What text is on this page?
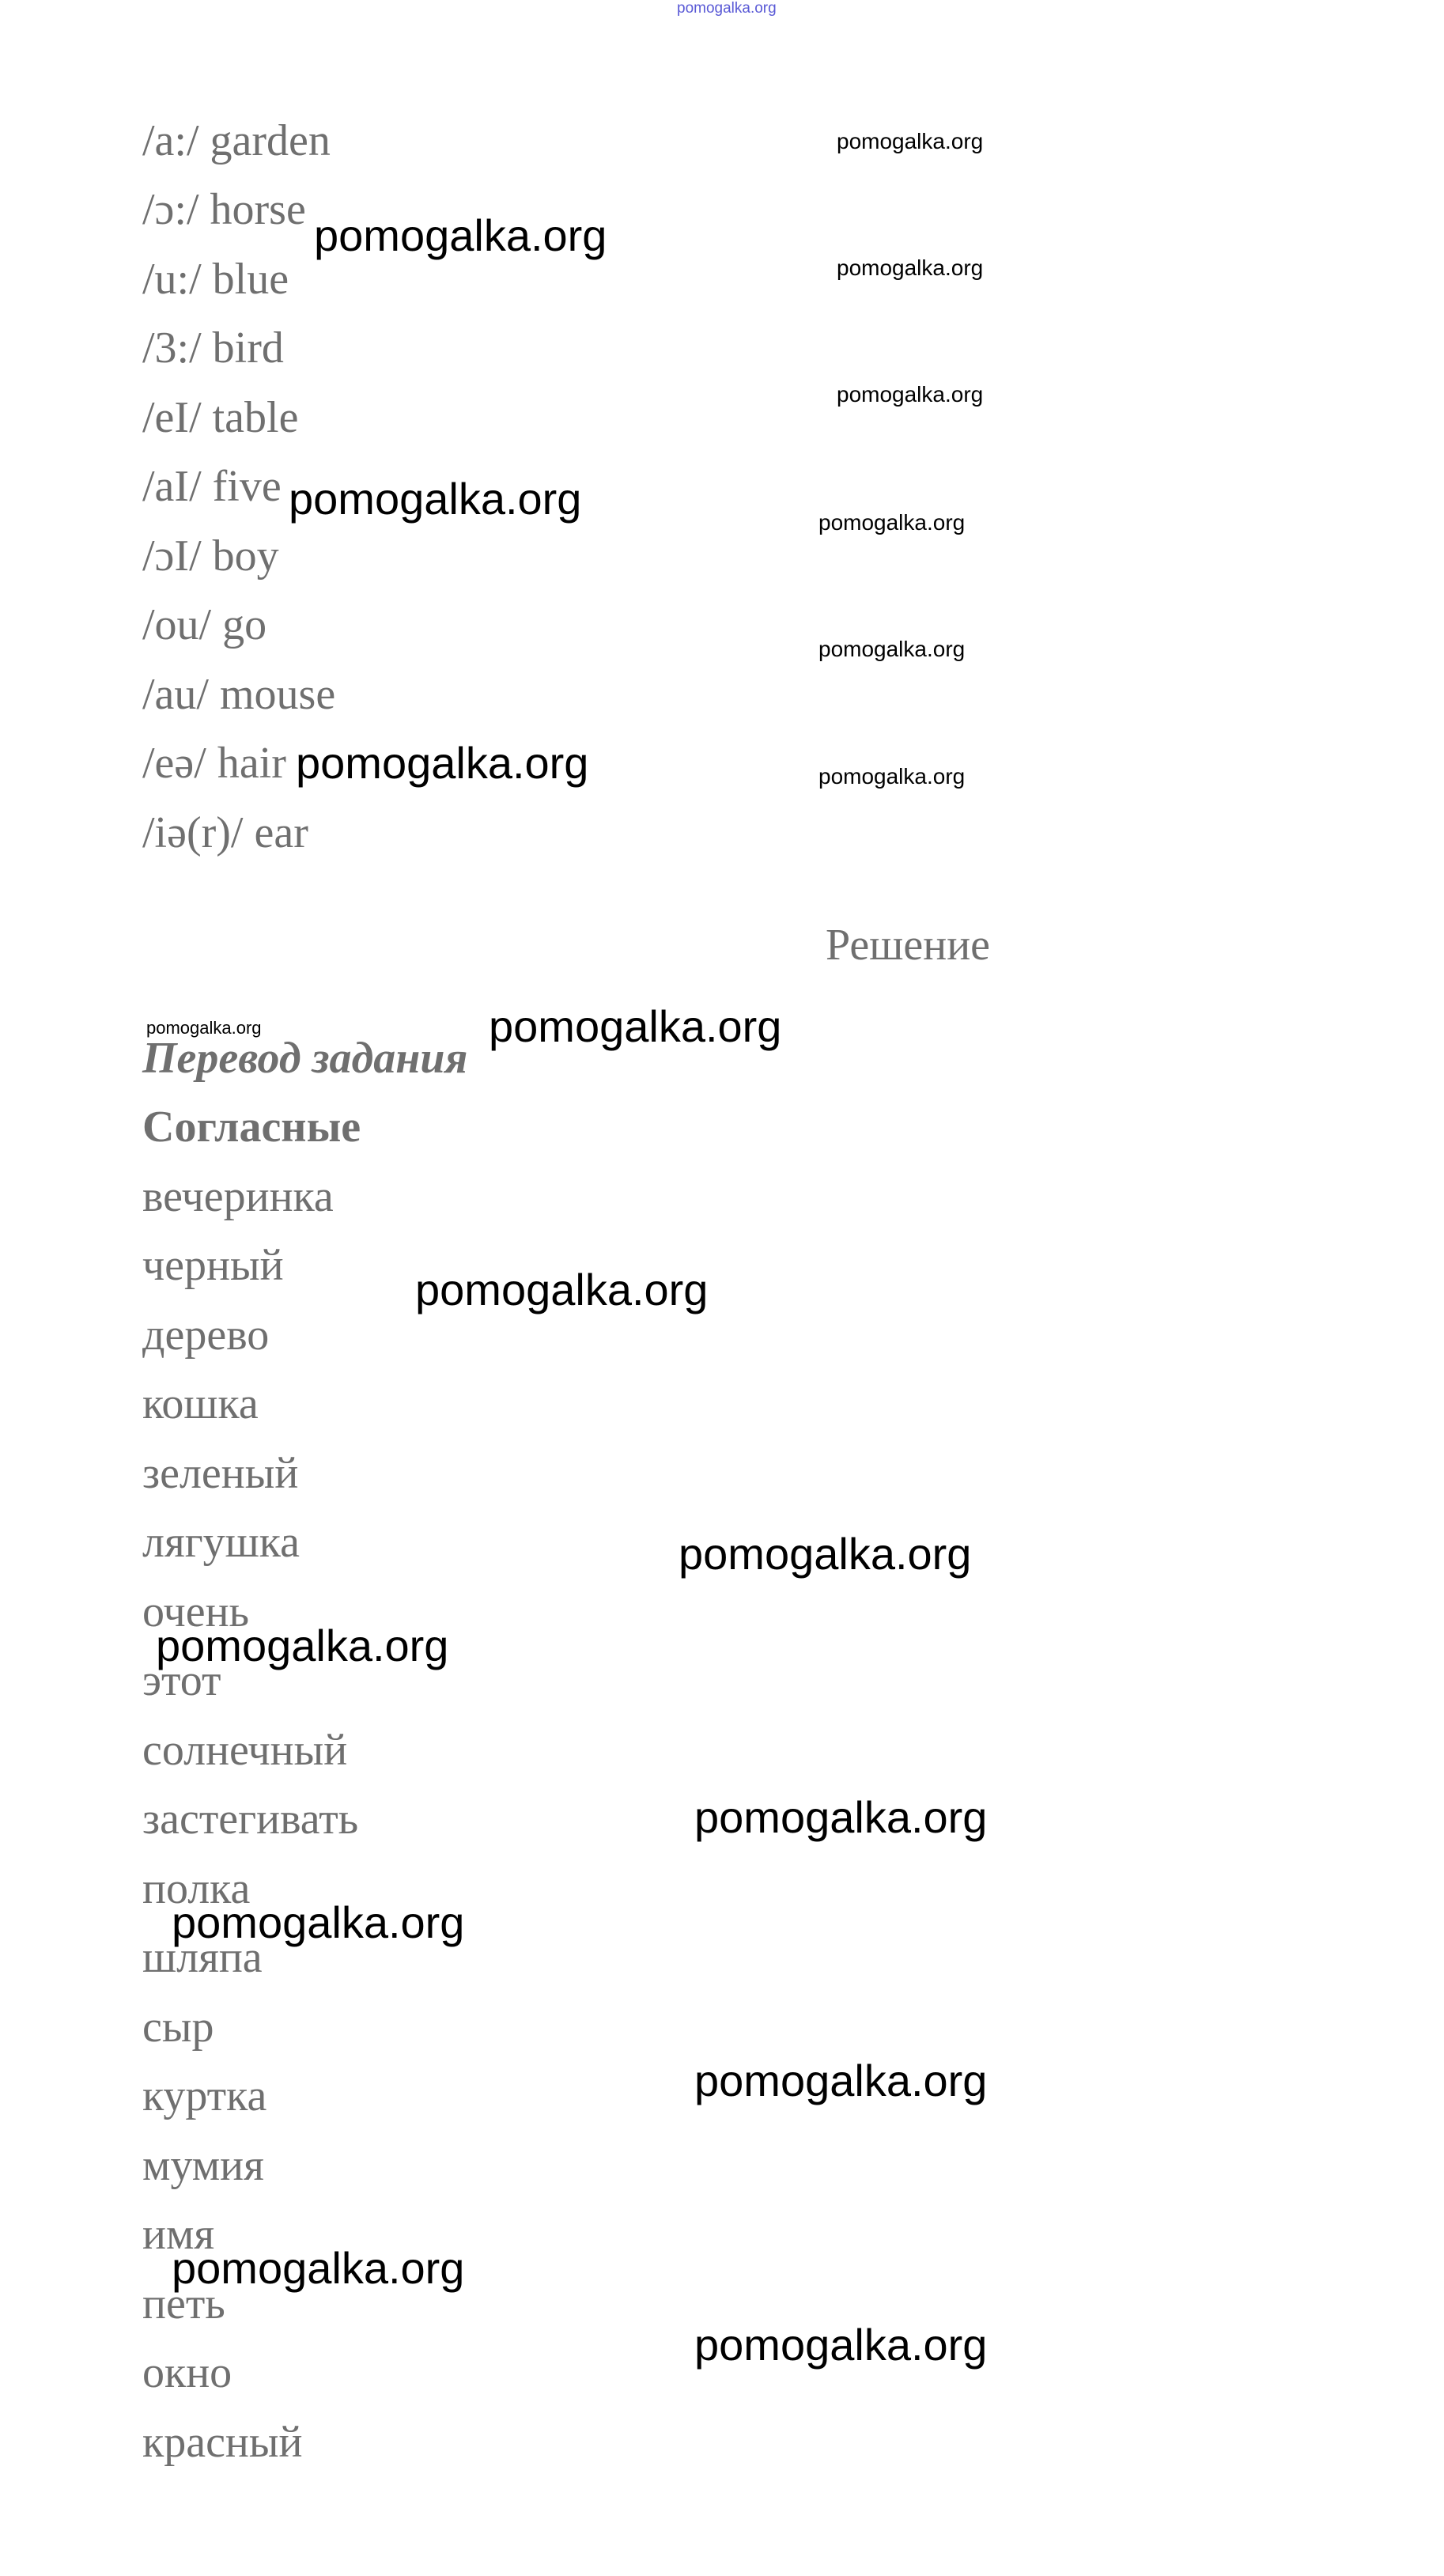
pomogalka.org
/a:/ garden
/ɔ:/ horse
/u:/ blue
/3:/ bird
/eI/ table
/aI/ five
/ɔI/ boy
/ou/ go
/au/ mouse
/eə/ hair
/iə(r)/ ear
Решение
Перевод задания
Согласные
вечеринка
черный
дерево
кошка
зеленый
лягушка
очень
этот
солнечный
застегивать
полка
шляпа
сыр
куртка
мумия
имя
петь
окно
красный
pomogalka.org
pomogalka.org
pomogalka.org
pomogalka.org
pomogalka.org
pomogalka.org
pomogalka.org
pomogalka.org
pomogalka.org
pomogalka.org
pomogalka.org
pomogalka.org
pomogalka.org
pomogalka.org
pomogalka.org
pomogalka.org
pomogalka.org
pomogalka.org
pomogalka.org
